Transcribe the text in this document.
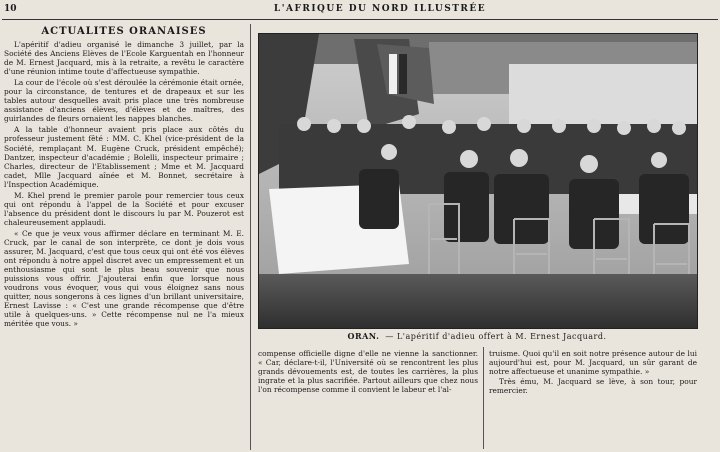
10	L'AFRIQUE DU NORD ILLUSTRÉE
ACTUALITÉS ORANAISES

L'apéritif d'adieu organisé le dimanche 3 juillet, par la Société des Anciens Elèves de l'Ecole Karguentah en l'honneur de M. Ernest Jacquard, mis à la retraite, a revêtu le caractère d'une réunion intime toute d'affectueuse sympathie.

La cour de l'école où s'est déroulée la cérémonie était ornée, pour la circonstance, de tentures et de drapeaux et sur les tables autour desquelles avait pris place une très nombreuse assistance d'anciens élèves, d'élèves et de maîtres, des guirlandes de fleurs ornaient les nappes blanches.

A la table d'honneur avaient pris place aux côtés du professeur justement fêté : MM. C. Khel (vice-président de la Société, remplaçant M. Eugène Cruck, président empêché); Dantzer, inspecteur d'académie ; Bolelli, inspecteur primaire ; Charles, directeur de l'Etablissement ; Mme et M. Jacquard cadet, Mlle Jacquard aînée et M. Bonnet, secrétaire à l'Inspection Académique.

M. Khel prend le premier parole pour remercier tous ceux qui ont répondu à l'appel de la Société et pour excuser l'absence du président dont le discours lu par M. Pouzerot est chaleureusement applaudi.

« Ce que je veux vous affirmer déclare en terminant M. E. Cruck, par le canal de son interprète, ce dont je dois vous assurer, M. Jacquard, c'est que tous ceux qui ont été vos élèves ont répondu à notre appel discret avec un empressement et un enthousiasme qui sont le plus beau souvenir que nous puissions vous offrir. J'ajouterai enfin que lorsque nous voudrons vous évoquer, vous qui vous éloignez sans nous quitter, nous songerons à ces lignes d'un brillant universitaire, Ernest Lavisse : « C'est une grande récompense que d'être utile à quelques-uns. » Cette récompense nul ne l'a mieux méritée que vous. »

ORAN. — L'apéritif d'adieu offert à M. Ernest Jacquard.

compense officielle digne d'elle ne vienne la sanctionner. « Car, déclare-t-il, l'Université où se rencontrent les plus grands dévouements est, de toutes les carrières, la plus ingrate et la plus sacrifiée. Partout ailleurs que chez nous l'on récompense comme il convient le labeur et l'al-

truisme. Quoi qu'il en soit notre présence autour de lui aujourd'hui est, pour M. Jacquard, un sûr garant de notre affectueuse et unanime sympathie. »

Très ému, M. Jacquard se lève, à son tour, pour remercier.
